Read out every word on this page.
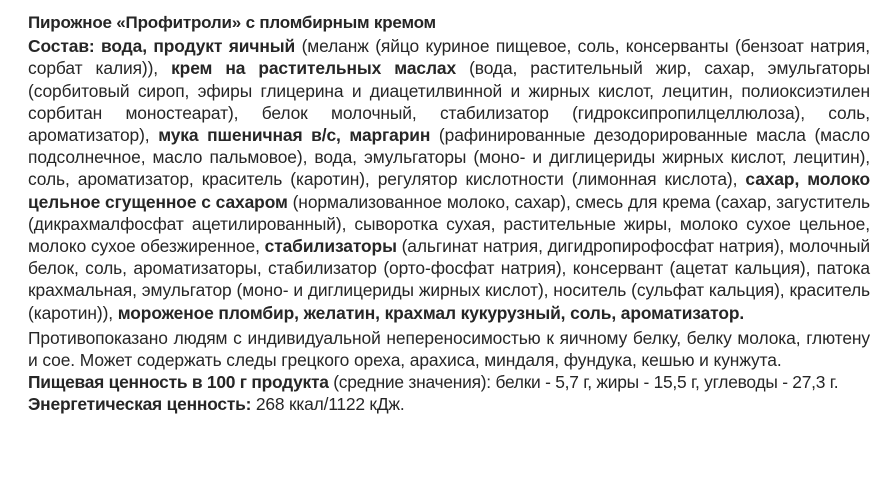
Пирожное «Профитроли» с пломбирным кремом
Состав: вода, продукт яичный (меланж (яйцо куриное пищевое, соль, консерванты (бензоат натрия, сорбат калия)), крем на растительных маслах (вода, растительный жир, сахар, эмульгаторы (сорбитовый сироп, эфиры глицерина и диацетилвинной и жирных кислот, лецитин, полиоксиэтилен сорбитан моностеарат), белок молочный, стабилизатор (гидроксипропилцеллюлоза), соль, ароматизатор), мука пшеничная в/с, маргарин (рафинированные дезодорированные масла (масло подсолнечное, масло пальмовое), вода, эмульгаторы (моно- и диглицериды жирных кислот, лецитин), соль, ароматизатор, краситель (каротин), регулятор кислотности (лимонная кислота), сахар, молоко цельное сгущенное с сахаром (нормализованное молоко, сахар), смесь для крема (сахар, загуститель (дикрахмалфосфат ацетилированный), сыворотка сухая, растительные жиры, молоко сухое цельное, молоко сухое обезжиренное, стабилизаторы (альгинат натрия, дигидропирофосфат натрия), молочный белок, соль, ароматизаторы, стабилизатор (орто-фосфат натрия), консервант (ацетат кальция), патока крахмальная, эмульгатор (моно- и диглицериды жирных кислот), носитель (сульфат кальция), краситель (каротин)), мороженое пломбир, желатин, крахмал кукурузный, соль, ароматизатор.
Противопоказано людям с индивидуальной непереносимостью к яичному белку, белку молока, глютену и сое. Может содержать следы грецкого ореха, арахиса, миндаля, фундука, кешью и кунжута.
Пищевая ценность в 100 г продукта (средние значения): белки - 5,7 г, жиры - 15,5 г, углеводы - 27,3 г.
Энергетическая ценность: 268 ккал/1122 кДж.
